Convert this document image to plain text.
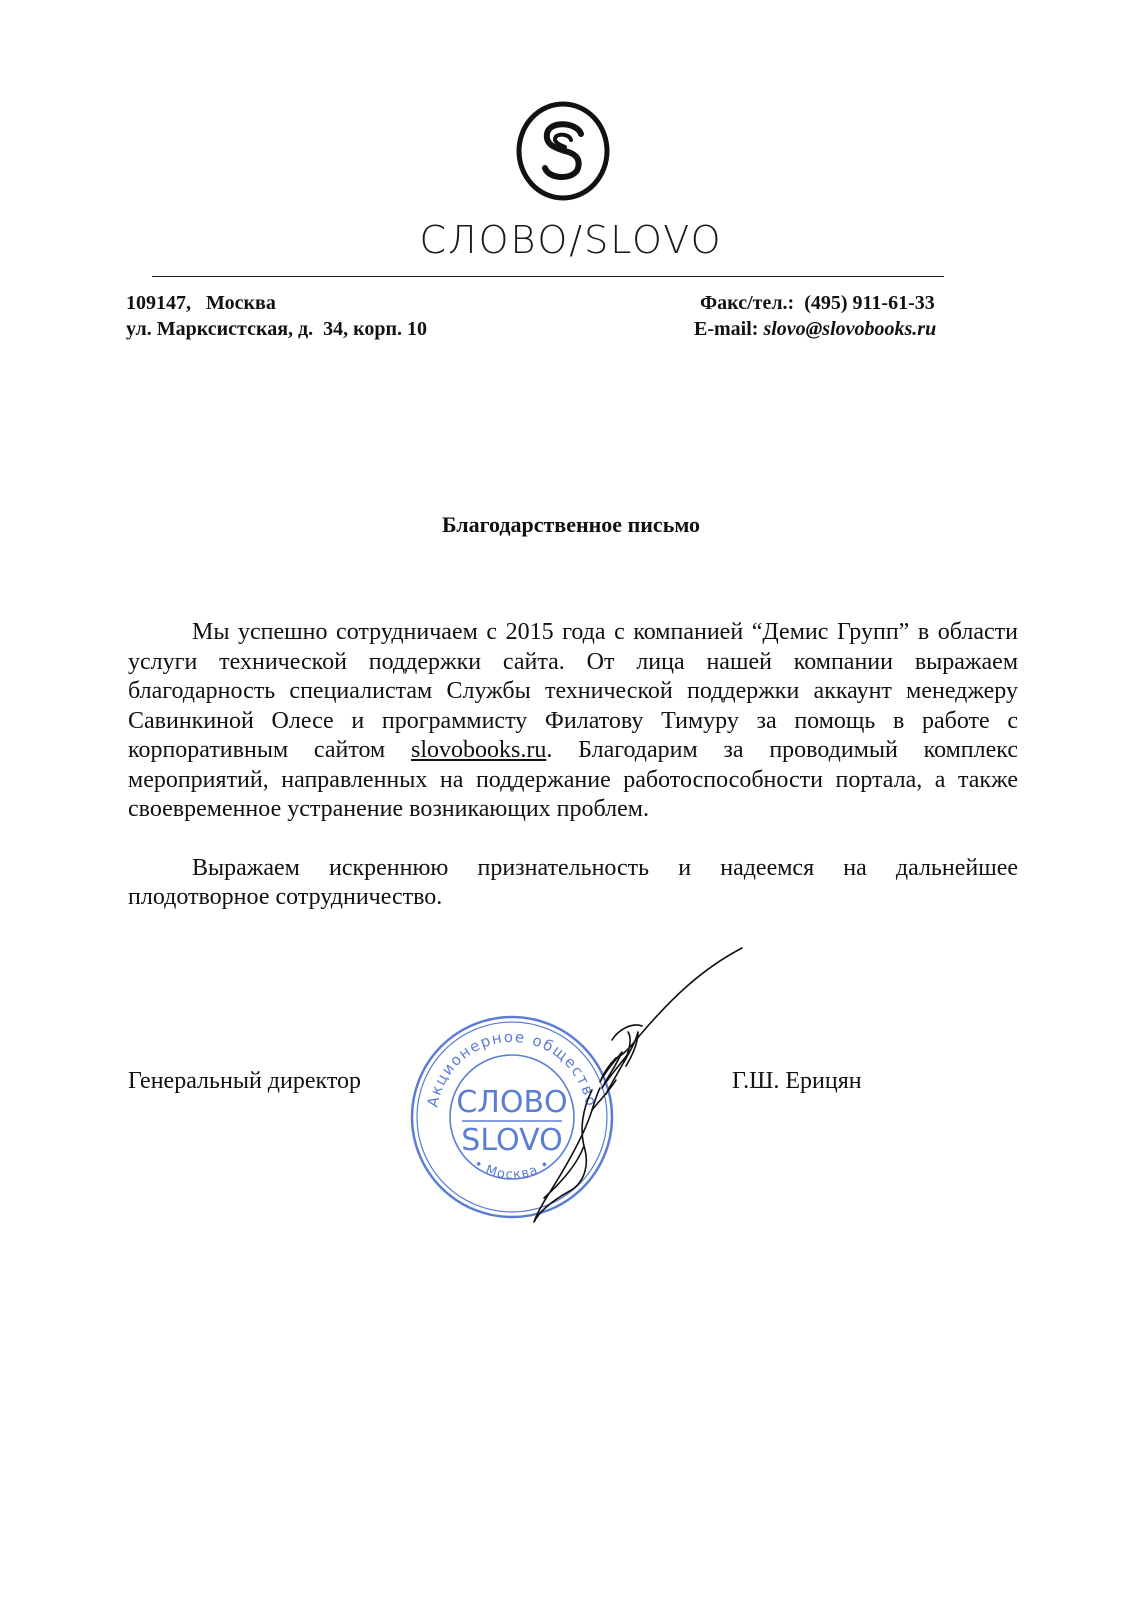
СЛОВО/SLOVO
109147,   Москва
ул. Марксистская, д.  34, корп. 10
Факс/тел.: (495) 911-61-33
E-mail: slovo@slovobooks.ru
Благодарственное письмо

Мы успешно сотрудничаем с 2015 года с компанией “Демис Групп” в области услуги технической поддержки сайта. От лица нашей компании выражаем благодарность специалистам Службы технической поддержки аккаунт менеджеру Савинкиной Олесе и программисту Филатову Тимуру за помощь в работе с корпоративным сайтом slovobooks.ru. Благодарим за проводимый комплекс мероприятий, направленных на поддержание работоспособности портала, а также своевременное устранение возникающих проблем.

Выражаем искреннюю признательность и надеемся на дальнейшее плодотворное сотрудничество.

Генеральный директор	Г.Ш. Ерицян
Акционерное общество
• Москва •
СЛОВО
SLOVO
